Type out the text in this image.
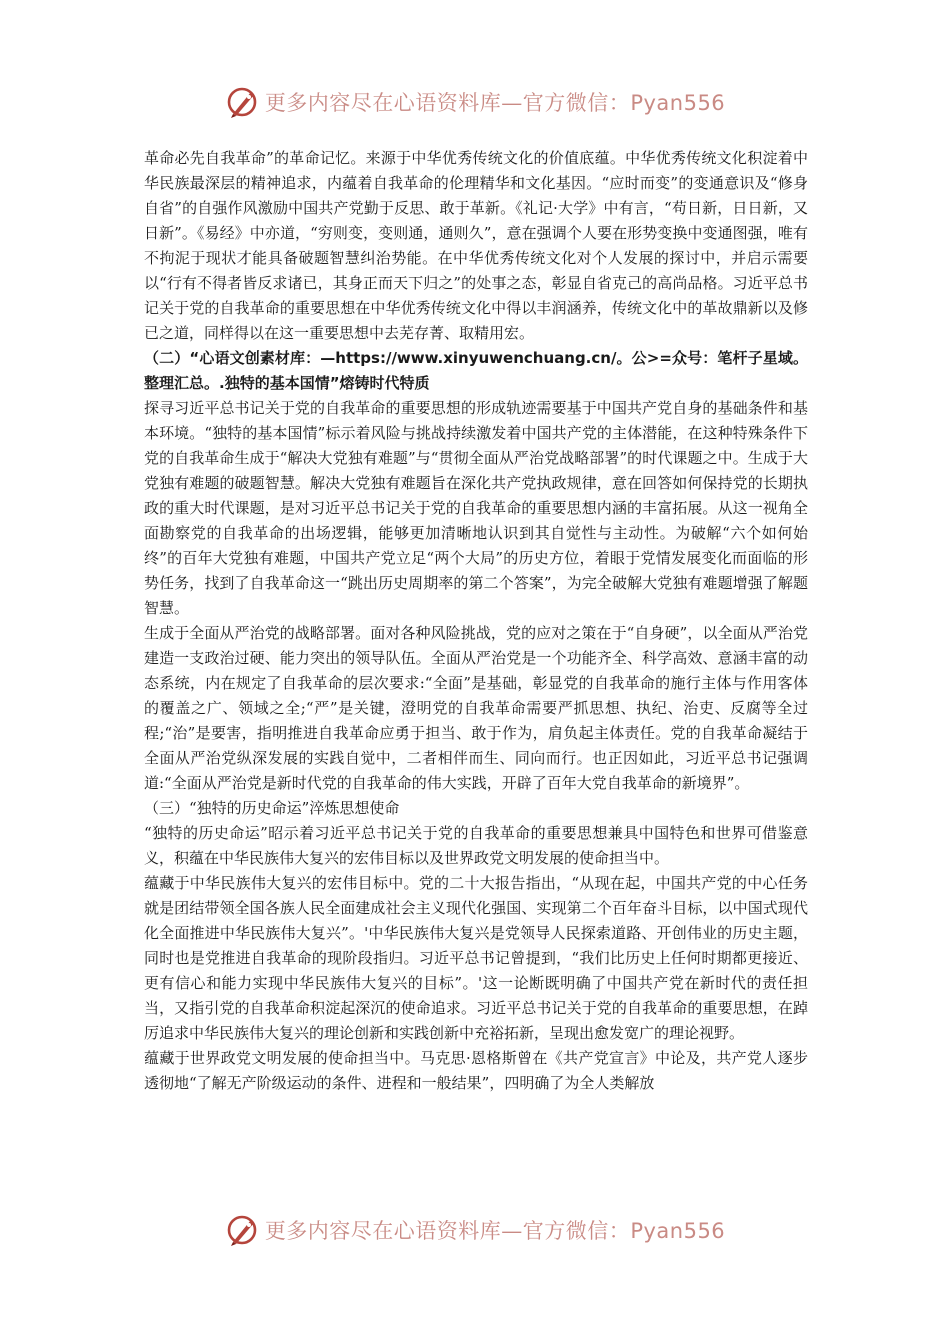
更多内容尽在心语资料库—官方微信：Pyan556

革命必先自我革命”的革命记忆。来源于中华优秀传统文化的价值底蕴。中华优秀传统文化积淀着中华民族最深层的精神追求，内蕴着自我革命的伦理精华和文化基因。“应时而变”的变通意识及“修身自省”的自强作风激励中国共产党勤于反思、敢于革新。《礼记·大学》中有言，“苟日新，日日新，又日新”。《易经》中亦道，“穷则变，变则通，通则久”，意在强调个人要在形势变换中变通图强，唯有不拘泥于现状才能具备破题智慧纠治势能。在中华优秀传统文化对个人发展的探讨中，并启示需要以“行有不得者皆反求诸已，其身正而天下归之”的处事之态，彰显自省克己的高尚品格。习近平总书记关于党的自我革命的重要思想在中华优秀传统文化中得以丰润涵养，传统文化中的革故鼎新以及修已之道，同样得以在这一重要思想中去芜存菁、取精用宏。

（二）“心语文创素材库：—https://www.xinyuwenchuang.cn/。公>=众号：笔杆子星域。整理汇总。.独特的基本国情”熔铸时代特质

探寻习近平总书记关于党的自我革命的重要思想的形成轨迹需要基于中国共产党自身的基础条件和基本环境。“独特的基本国情”标示着风险与挑战持续激发着中国共产党的主体潜能，在这种特殊条件下党的自我革命生成于“解决大党独有难题”与“贯彻全面从严治党战略部署”的时代课题之中。生成于大党独有难题的破题智慧。解决大党独有难题旨在深化共产党执政规律，意在回答如何保持党的长期执政的重大时代课题，是对习近平总书记关于党的自我革命的重要思想内涵的丰富拓展。从这一视角全面勘察党的自我革命的出场逻辑，能够更加清晰地认识到其自觉性与主动性。为破解“六个如何始终”的百年大党独有难题，中国共产党立足“两个大局”的历史方位，着眼于党情发展变化而面临的形势任务，找到了自我革命这一“跳出历史周期率的第二个答案”，为完全破解大党独有难题增强了解题智慧。

生成于全面从严治党的战略部署。面对各种风险挑战，党的应对之策在于“自身硬”，以全面从严治党建造一支政治过硬、能力突出的领导队伍。全面从严治党是一个功能齐全、科学高效、意涵丰富的动态系统，内在规定了自我革命的层次要求:“全面”是基础，彰显党的自我革命的施行主体与作用客体的覆盖之广、领域之全;“严”是关键，澄明党的自我革命需要严抓思想、执纪、治吏、反腐等全过程;“治”是要害，指明推进自我革命应勇于担当、敢于作为，肩负起主体责任。党的自我革命凝结于全面从严治党纵深发展的实践自觉中，二者相伴而生、同向而行。也正因如此，习近平总书记强调道:“全面从严治党是新时代党的自我革命的伟大实践，开辟了百年大党自我革命的新境界”。

（三）“独特的历史命运”淬炼思想使命

“独特的历史命运”昭示着习近平总书记关于党的自我革命的重要思想兼具中国特色和世界可借鉴意义，积蕴在中华民族伟大复兴的宏伟目标以及世界政党文明发展的使命担当中。

蕴藏于中华民族伟大复兴的宏伟目标中。党的二十大报告指出，“从现在起，中国共产党的中心任务就是团结带领全国各族人民全面建成社会主义现代化强国、实现第二个百年奋斗目标，以中国式现代化全面推进中华民族伟大复兴”。'中华民族伟大复兴是党领导人民探索道路、开创伟业的历史主题，同时也是党推进自我革命的现阶段指归。习近平总书记曾提到，“我们比历史上任何时期都更接近、更有信心和能力实现中华民族伟大复兴的目标”。'这一论断既明确了中国共产党在新时代的责任担当，又指引党的自我革命积淀起深沉的使命追求。习近平总书记关于党的自我革命的重要思想，在踔厉追求中华民族伟大复兴的理论创新和实践创新中充裕拓新，呈现出愈发宽广的理论视野。

蕴藏于世界政党文明发展的使命担当中。马克思·恩格斯曾在《共产党宣言》中论及，共产党人逐步透彻地“了解无产阶级运动的条件、进程和一般结果”，四明确了为全人类解放

更多内容尽在心语资料库—官方微信：Pyan556
